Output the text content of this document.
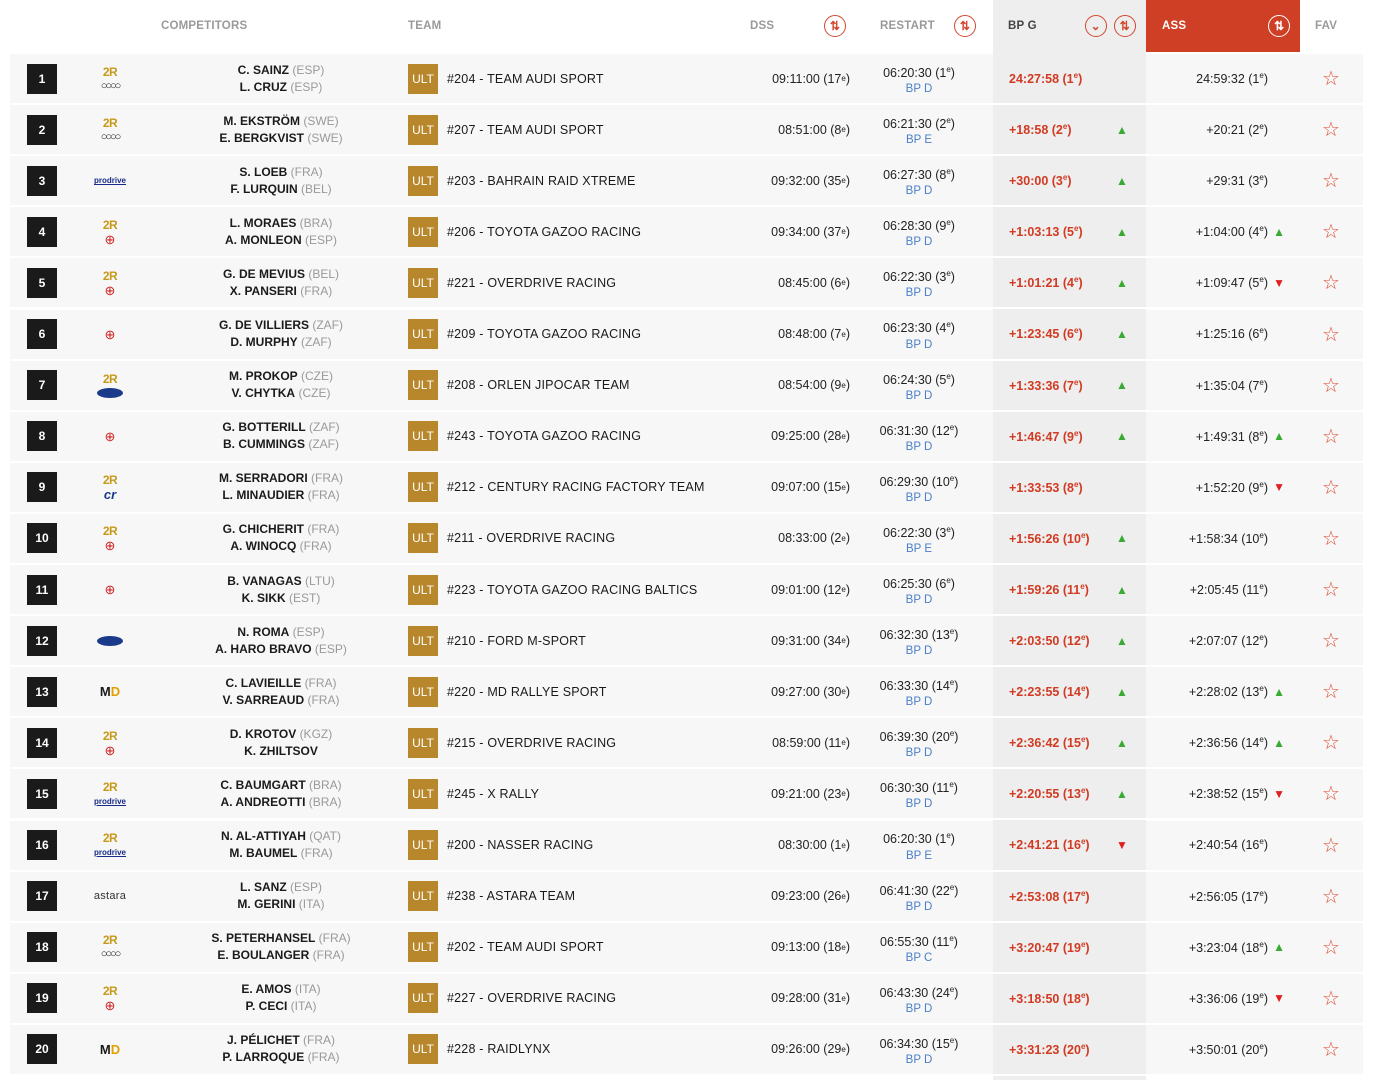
COMPETITORS	TEAM	DSS	⇅	RESTART	⇅	BP G	⌄	⇅	ASS	⇅	FAV
1	2R
○○○○
C. SAINZ (ESP)
L. CRUZ (ESP)
ULT	#204 - TEAM AUDI SPORT	09:11:00 (17 e )	06:20:30 (1e)
BP D
24:27:58 (1e)	24:59:32 (1e)	☆
2	2R
○○○○
M. EKSTRÖM (SWE)
E. BERGKVIST (SWE)
ULT	#207 - TEAM AUDI SPORT	08:51:00 (8 e )	06:21:30 (2e)
BP E
+18:58 (2e)	▲	+20:21 (2e)	☆
3	prodrive
S. LOEB (FRA)
F. LURQUIN (BEL)
ULT	#203 - BAHRAIN RAID XTREME	09:32:00 (35 e )	06:27:30 (8e)
BP D
+30:00 (3e)	▲	+29:31 (3e)	☆
4	2R
⊕
L. MORAES (BRA)
A. MONLEON (ESP)
ULT	#206 - TOYOTA GAZOO RACING	09:34:00 (37 e )	06:28:30 (9e)
BP D
+1:03:13 (5e)	▲	+1:04:00 (4e) ▲	☆
5	2R
⊕
G. DE MEVIUS (BEL)
X. PANSERI (FRA)
ULT	#221 - OVERDRIVE RACING	08:45:00 (6 e )	06:22:30 (3e)
BP D
+1:01:21 (4e)	▲	+1:09:47 (5e) ▼	☆
6	⊕
G. DE VILLIERS (ZAF)
D. MURPHY (ZAF)
ULT	#209 - TOYOTA GAZOO RACING	08:48:00 (7 e )	06:23:30 (4e)
BP D
+1:23:45 (6e)	▲	+1:25:16 (6e)	☆
7	2R	M. PROKOP (CZE)
V. CHYTKA (CZE)
ULT	#208 - ORLEN JIPOCAR TEAM	08:54:00 (9 e )	06:24:30 (5e)
BP D
+1:33:36 (7e)	▲	+1:35:04 (7e)	☆
8	⊕
G. BOTTERILL (ZAF)
B. CUMMINGS (ZAF)
ULT	#243 - TOYOTA GAZOO RACING	09:25:00 (28 e ) 06:31:30 (12e)
BP D
+1:46:47 (9e)	▲	+1:49:31 (8e) ▲	☆
9	2R
cr
M. SERRADORI (FRA)
L. MINAUDIER (FRA)
ULT	#212 - CENTURY RACING FACTORY TEAM	09:07:00 (15 e ) 06:29:30 (10e)
BP D
+1:33:53 $(8^e)$	+1:52:20 (9e) ▼	☆
10	2R
⊕
G. CHICHERIT (FRA)
A. WINOCQ (FRA)
ULT	#211 - OVERDRIVE RACING	08:33:00 (2 e )	06:22:30 (3e)
BP E
+1:56:26 (10e) ▲	+1:58:34 (10e)	☆
11	⊕
B. VANAGAS (LTU)
K. SIKK (EST)
ULT	#223 - TOYOTA GAZOO RACING BALTICS	09:01:00 (12 e )	06:25:30 (6e)
BP D
+1:59:26 (11e) ▲	+2:05:45 (11e)	☆
12
N. ROMA (ESP)
A. HARO BRAVO (ESP)
ULT	#210 - FORD M-SPORT	09:31:00 (34 e ) 06:32:30 (13e)
BP D
+2:03:50 (12e) ▲	+2:07:07 (12e)	☆
13	MD
C. LAVIEILLE (FRA)
V. SARREAUD (FRA)
ULT	#220 - MD RALLYE SPORT	09:27:00 (30 e ) 06:33:30 (14e)
BP D
+2:23:55 (14e) ▲	+2:28:02 (13e) ▲	☆
14	2R
⊕
D. KROTOV (KGZ)
K. ZHILTSOV
ULT	#215 - OVERDRIVE RACING	08:59:00 (11 e ) 06:39:30 (20e)
BP D
+2:36:42 (15e) ▲	+2:36:56 (14e) ▲	☆
15	2R
prodrive
C. BAUMGART (BRA)
A. ANDREOTTI (BRA)
ULT	#245 - X RALLY	09:21:00 (23 e ) 06:30:30 (11e)
BP D
+2:20:55 (13e) ▲	+2:38:52 (15e) ▼	☆
16	2R
prodrive
N. AL-ATTIYAH (QAT)
M. BAUMEL (FRA)
ULT	#200 - NASSER RACING	08:30:00 (1 e )	06:20:30 (1e)
BP E
+2:41:21 (16e) ▼	+2:40:54 (16e)	☆
17	astara
L. SANZ (ESP)
M. GERINI (ITA)
ULT	#238 - ASTARA TEAM	09:23:00 (26 e ) 06:41:30 (22e)
BP D
+2:53:08 $(17^e)$	+2:56:05 (17e)	☆
18	2R
○○○○
S. PETERHANSEL (FRA)
E. BOULANGER (FRA)
ULT	#202 - TEAM AUDI SPORT	09:13:00 (18 e ) 06:55:30 (11e)
BP C
+3:20:47 $(19^e)$	+3:23:04 (18e) ▲	☆
19	2R
⊕
E. AMOS (ITA)
P. CECI (ITA)
ULT	#227 - OVERDRIVE RACING	09:28:00 (31 e ) 06:43:30 (24e)
BP D
+3:18:50 $(18^e)$	+3:36:06 (19e) ▼	☆
20	MD
J. PÉLICHET (FRA)
P. LARROQUE (FRA)
ULT	#228 - RAIDLYNX	09:26:00 (29 e ) 06:34:30 (15e)
BP D
+3:31:23 $(20^e)$	+3:50:01 (20e)	☆
